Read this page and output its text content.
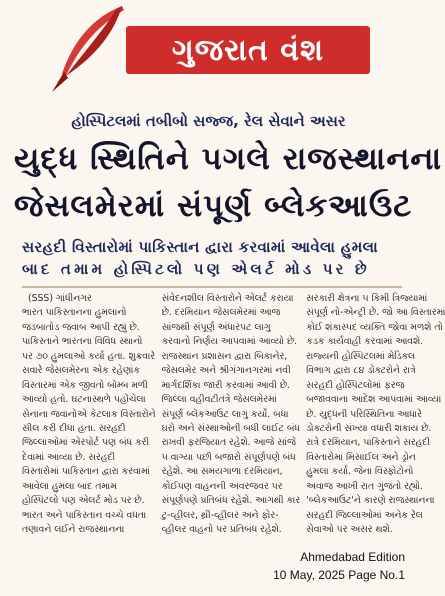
ગુજરાત વંશ
હોસ્પિટલમાં તબીબો સજ્જ, રેલ સેવાને અસર
યુદ્ધ સ્થિતિને પગલે રાજસ્થાનના
જેસલમેરમાં સંપૂર્ણ બ્લેકઆઉટ
સરહદી વિસ્તારોમાં પાકિસ્તાન દ્વારા કરવામાં આવેલા હુમલા
બાદ તમામ હોસ્પિટલો પણ એલર્ટ મોડ પર છે
(SSS) ગાંધીનગર
ભારત પાકિસ્તાનના હુમલાનો
જડબાતોડ જવાબ આપી રહ્યું છે.
પાકિસ્તાને ભારતના વિવિધ સ્થાનો
પર ૭૦ હુમલાઓ કર્યા હતા. શુક્રવારે
સવારે જેસલમેરના એક રહેણાંક
વિસ્તારમાં એક જીવતો બોમ્બ મળી
આવ્યો હતો. ઘટનાસ્થળે પહોંચેલા
સેનાના જવાનોએ કેટલાક વિસ્તારોને
સીલ કરી દીધા હતા. સરહદી
જિલ્લાઓમાં એરપોર્ટ પણ બંધ કરી
દેવામાં આવ્યા છે. સરહદી
વિસ્તારોમાં પાકિસ્તાન દ્વારા કરવામાં
આવેલા હુમલા બાદ તમામ
હોસ્પિટલો પણ એલર્ટ મોડ પર છે.
ભારત અને પાકિસ્તાન વચ્ચે વધતા
તણાવને લઈને રાજસ્થાનના
સંવેદનશીલ વિસ્તારોને એલર્ટ કરાયા
છે. દરમિયાન જેસલમેરમાં આજ
સાંજથી સંપૂર્ણ અંધારપટ લાગુ
કરવાનો નિર્ણય આપવામાં આવ્યો છે.
રાજસ્થાન પ્રશાસન દ્વારા બિકાનેર,
જેસલમેર અને શ્રીગંગાનગરમાં નવી
માર્ગદર્શિકા જારી કરવામાં આવી છે.
જિલ્લા વહીવટીતંત્રે જેસલમેરમાં
સંપૂર્ણ બ્લેકઆઉટ લાગુ કર્યો. બધા
ઘરો અને સંસ્થાઓની બધી લાઈટ બંધ
રાખવી ફરજિયાત રહેશે. આજે સાંજે
૫ વાગ્યા પછી બજારો સંપૂર્ણપણે બંધ
રહેશે. આ સમયગાળા દરમિયાન,
કોઈપણ વાહનની અવરજવર પર
સંપૂર્ણપણે પ્રતિબંધ રહેશે. આગથી કાર
ટુ-વ્હીલર, થ્રી-વ્હીલર અને ફોર-
વ્હીલર વાહનો પર પ્રતિબંધ રહેશે.
સરકારી ક્ષેત્રના ૫ કિમી ત્રિજ્યામાં
સંપૂર્ણ નો-એન્ટ્રી છે. જો આ વિસ્તારમાં
કોઈ શંકાસ્પદ વ્યક્તિ જોવા મળશે તો
કડક કાર્યવાહી કરવામાં આવશે.
રાજ્યની હોસ્પિટલમાં મેડિકલ
વિભાગ દ્વારા ૮૪ ડોક્ટરોને રાત્રે
સરહદી હોસ્પિટલોમાં ફરજ
બજાવવાના આદેશ આપવામાં આવ્યા
છે. યુદ્ધની પરિસ્થિતિના આધારે
ડોક્ટરોની સંખ્યા વધારી શકાય છે.
રાત્રે દરમિયાન, પાકિસ્તાને સરહદી
વિસ્તારોમાં મિસાઈલ અને ડ્રોન
હુમલા કર્યા. જેના વિસ્ફોટોનો
અવાજ આખી રાત ગુંજતો રહ્યો.
'બ્લેકઆઉટ'ને કારણે રાજસ્થાનના
સરહદી જિલ્લાઓમાં અનેક રેલ
સેવાઓ પર અસર થશે.
Ahmedabad Edition
10 May, 2025 Page No.1
